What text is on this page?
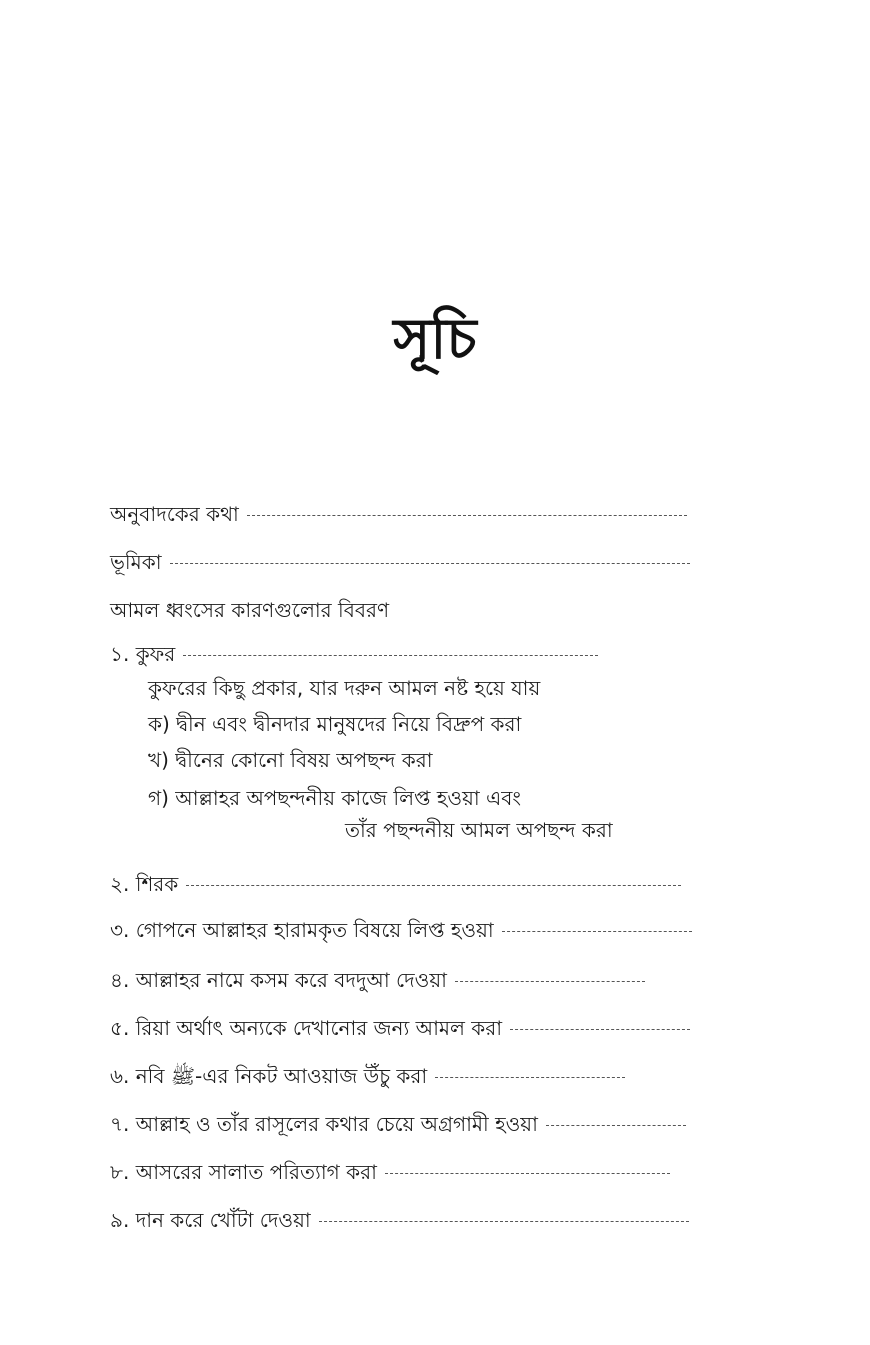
সূচি
অনুবাদকের কথা
ভূমিকা
আমল ধ্বংসের কারণগুলোর বিবরণ
১. কুফর
কুফরের কিছু প্রকার, যার দরুন আমল নষ্ট হয়ে যায়
ক) দ্বীন এবং দ্বীনদার মানুষদের নিয়ে বিদ্রুপ করা
খ) দ্বীনের কোনো বিষয় অপছন্দ করা
গ) আল্লাহর অপছন্দনীয় কাজে লিপ্ত হওয়া এবং
তাঁর পছন্দনীয় আমল অপছন্দ করা
২. শিরক
৩. গোপনে আল্লাহর হারামকৃত বিষয়ে লিপ্ত হওয়া
৪. আল্লাহর নামে কসম করে বদদুআ দেওয়া
৫. রিয়া অর্থাৎ অন্যকে দেখানোর জন্য আমল করা
৬. নবি ﷺ-এর নিকট আওয়াজ উঁচু করা
৭. আল্লাহ ও তাঁর রাসূলের কথার চেয়ে অগ্রগামী হওয়া
৮. আসরের সালাত পরিত্যাগ করা
৯. দান করে খোঁটা দেওয়া
